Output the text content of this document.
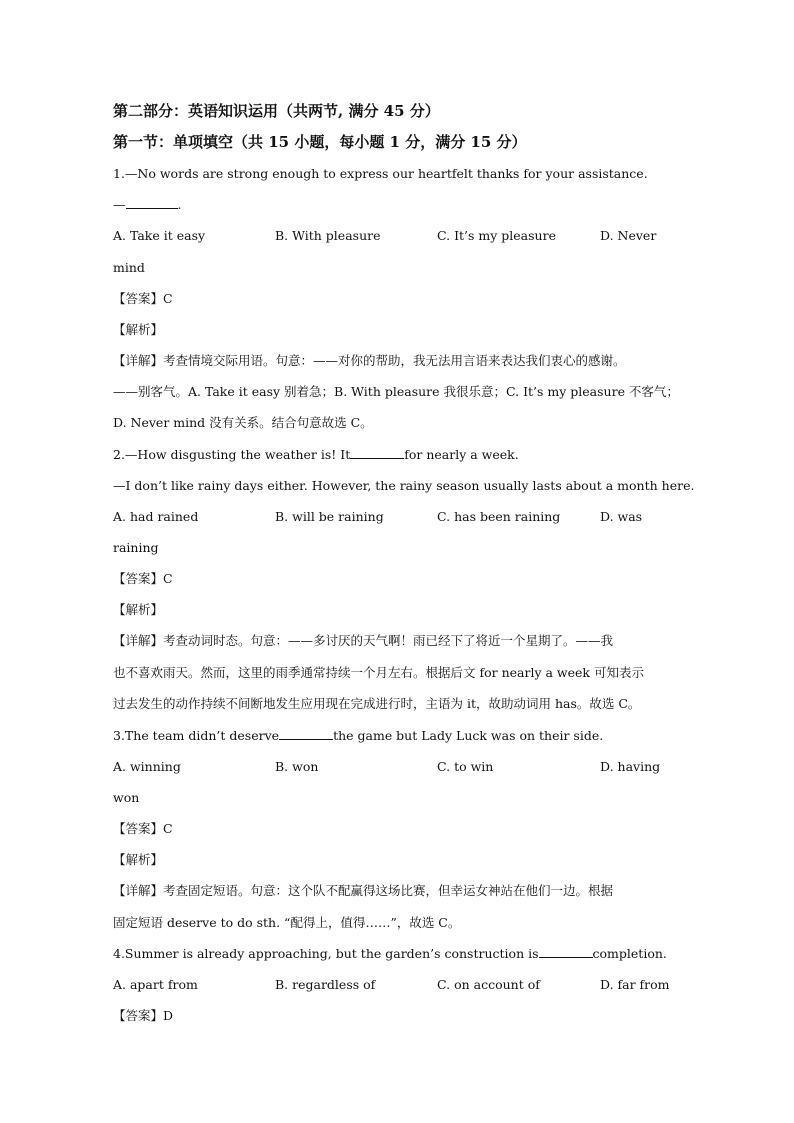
第二部分：英语知识运用（共两节, 满分 45 分）
第一节：单项填空（共 15 小题，每小题 1 分，满分 15 分）
1.—No words are strong enough to express our heartfelt thanks for your assistance.
—	.
A. Take it easy	B. With pleasure	C. It’s my pleasure	D. Never
mind
【答案】C
【解析】
【详解】考查情境交际用语。句意：——对你的帮助，我无法用言语来表达我们衷心的感谢。
——别客气。A. Take it easy 别着急；B. With pleasure 我很乐意；C. It’s my pleasure 不客气；
D. Never mind 没有关系。结合句意故选 C。
2.—How disgusting the weather is! It	for nearly a week.
—I don’t like rainy days either. However, the rainy season usually lasts about a month here.
A. had rained	B. will be raining	C. has been raining	D. was
raining
【答案】C
【解析】
【详解】考查动词时态。句意：——多讨厌的天气啊！雨已经下了将近一个星期了。——我
也不喜欢雨天。然而，这里的雨季通常持续一个月左右。根据后文 for nearly a week 可知表示
过去发生的动作持续不间断地发生应用现在完成进行时，主语为 it，故助动词用 has。故选 C。
3.The team didn’t deserve	the game but Lady Luck was on their side.
A. winning	B. won	C. to win	D. having
won
【答案】C
【解析】
【详解】考查固定短语。句意：这个队不配赢得这场比赛，但幸运女神站在他们一边。根据
固定短语 deserve to do sth. “配得上，值得……”，故选 C。
4.Summer is already approaching, but the garden’s construction is	completion.
A. apart from	B. regardless of	C. on account of	D. far from
【答案】D
